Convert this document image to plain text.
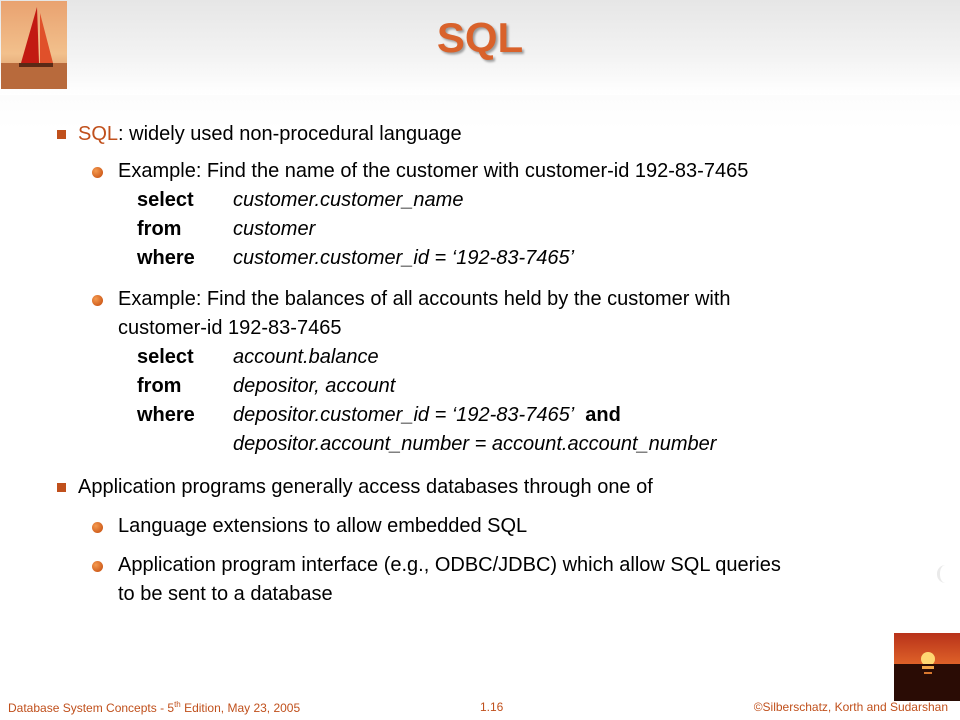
SQL
SQL: widely used non-procedural language
Example: Find the name of the customer with customer-id 192-83-7465
select customer.customer_name
from	customer
where customer.customer_id = ‘192-83-7465’
Example: Find the balances of all accounts held by the customer with
customer-id 192-83-7465
select account.balance
from	depositor, account
where depositor.customer_id = ‘192-83-7465’ and
depositor.account_number = account.account_number
Application programs generally access databases through one of
Language extensions to allow embedded SQL
Application program interface (e.g., ODBC/JDBC) which allow SQL queries
to be sent to a database
Database System Concepts - 5th Edition, May 23, 2005	1.16	©Silberschatz, Korth and Sudarshan
